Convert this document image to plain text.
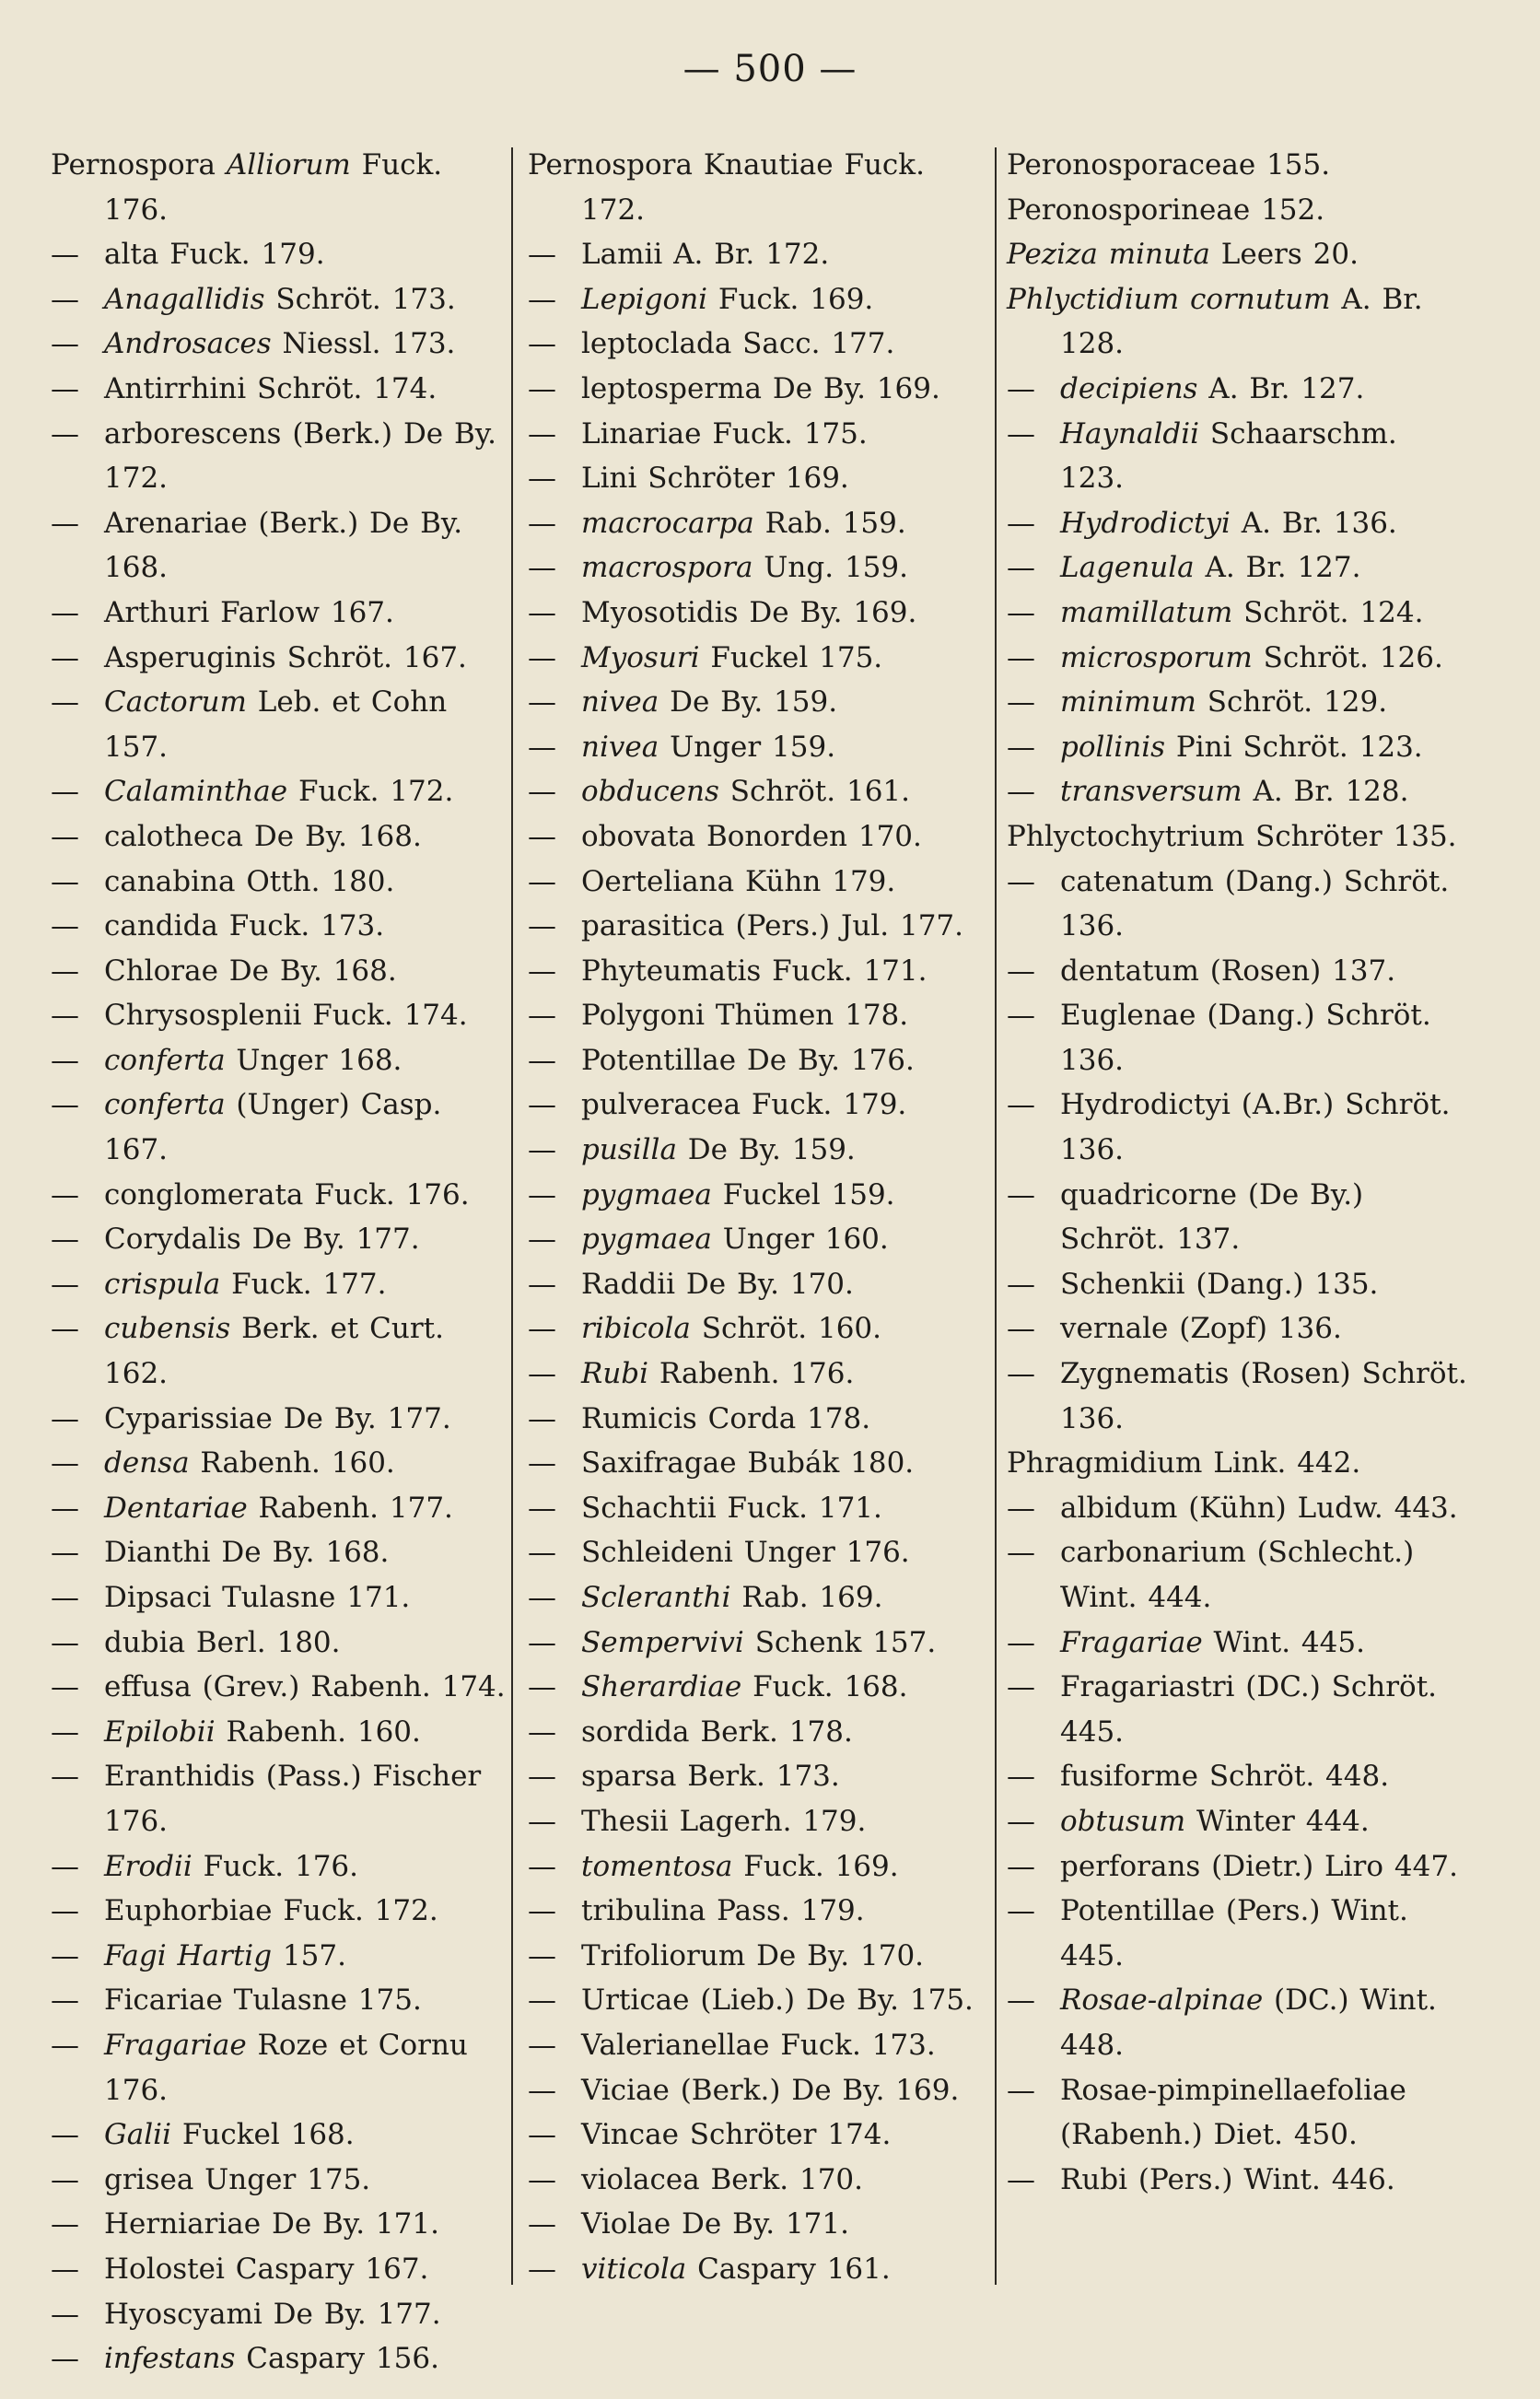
— 500 —
Pernospora Alliorum Fuck. 176.
— alta Fuck. 179.
— Anagallidis Schröt. 173.
— Androsaces Niessl. 173.
— Antirrhini Schröt. 174.
— arborescens (Berk.) De By. 172.
— Arenariae (Berk.) De By. 168.
— Arthuri Farlow 167.
— Asperuginis Schröt. 167.
— Cactorum Leb. et Cohn 157.
— Calaminthae Fuck. 172.
— calotheca De By. 168.
— canabina Otth. 180.
— candida Fuck. 173.
— Chlorae De By. 168.
— Chrysosplenii Fuck. 174.
— conferta Unger 168.
— conferta (Unger) Casp. 167.
— conglomerata Fuck. 176.
— Corydalis De By. 177.
— crispula Fuck. 177.
— cubensis Berk. et Curt. 162.
— Cyparissiae De By. 177.
— densa Rabenh. 160.
— Dentariae Rabenh. 177.
— Dianthi De By. 168.
— Dipsaci Tulasne 171.
— dubia Berl. 180.
— effusa (Grev.) Rabenh. 174.
— Epilobii Rabenh. 160.
— Eranthidis (Pass.) Fischer 176.
— Erodii Fuck. 176.
— Euphorbiae Fuck. 172.
— Fagi Hartig 157.
— Ficariae Tulasne 175.
— Fragariae Roze et Cornu 176.
— Galii Fuckel 168.
— grisea Unger 175.
— Herniariae De By. 171.
— Holostei Caspary 167.
— Hyoscyami De By. 177.
— infestans Caspary 156.
Pernospora Knautiae Fuck. 172.
— Lamii A. Br. 172.
— Lepigoni Fuck. 169.
— leptoclada Sacc. 177.
— leptosperma De By. 169.
— Linariae Fuck. 175.
— Lini Schröter 169.
— macrocarpa Rab. 159.
— macrospora Ung. 159.
— Myosotidis De By. 169.
— Myosuri Fuckel 175.
— nivea De By. 159.
— nivea Unger 159.
— obducens Schröt. 161.
— obovata Bonorden 170.
— Oerteliana Kühn 179.
— parasitica (Pers.) Jul. 177.
— Phyteumatis Fuck. 171.
— Polygoni Thümen 178.
— Potentillae De By. 176.
— pulveracea Fuck. 179.
— pusilla De By. 159.
— pygmaea Fuckel 159.
— pygmaea Unger 160.
— Raddii De By. 170.
— ribicola Schröt. 160.
— Rubi Rabenh. 176.
— Rumicis Corda 178.
— Saxifragae Bubák 180.
— Schachtii Fuck. 171.
— Schleideni Unger 176.
— Scleranthi Rab. 169.
— Sempervivi Schenk 157.
— Sherardiae Fuck. 168.
— sordida Berk. 178.
— sparsa Berk. 173.
— Thesii Lagerh. 179.
— tomentosa Fuck. 169.
— tribulina Pass. 179.
— Trifoliorum De By. 170.
— Urticae (Lieb.) De By. 175.
— Valerianellae Fuck. 173.
— Viciae (Berk.) De By. 169.
— Vincae Schröter 174.
— violacea Berk. 170.
— Violae De By. 171.
— viticola Caspary 161.
Peronosporaceae 155.
Peronosporineae 152.
Peziza minuta Leers 20.
Phlyctidium cornutum A. Br. 128.
— decipiens A. Br. 127.
— Haynaldii Schaarschm. 123.
— Hydrodictyi A. Br. 136.
— Lagenula A. Br. 127.
— mamillatum Schröt. 124.
— microsporum Schröt. 126.
— minimum Schröt. 129.
— pollinis Pini Schröt. 123.
— transversum A. Br. 128.
Phlyctochytrium Schröter 135.
— catenatum (Dang.) Schröt. 136.
— dentatum (Rosen) 137.
— Euglenae (Dang.) Schröt. 136.
— Hydrodictyi (A.Br.) Schröt. 136.
— quadricorne (De By.) Schröt. 137.
— Schenkii (Dang.) 135.
— vernale (Zopf) 136.
— Zygnematis (Rosen) Schröt. 136.
Phragmidium Link. 442.
— albidum (Kühn) Ludw. 443.
— carbonarium (Schlecht.) Wint. 444.
— Fragariae Wint. 445.
— Fragariastri (DC.) Schröt. 445.
— fusiforme Schröt. 448.
— obtusum Winter 444.
— perforans (Dietr.) Liro 447.
— Potentillae (Pers.) Wint. 445.
— Rosae-alpinae (DC.) Wint. 448.
— Rosae-pimpinellaefoliae (Rabenh.) Diet. 450.
— Rubi (Pers.) Wint. 446.
